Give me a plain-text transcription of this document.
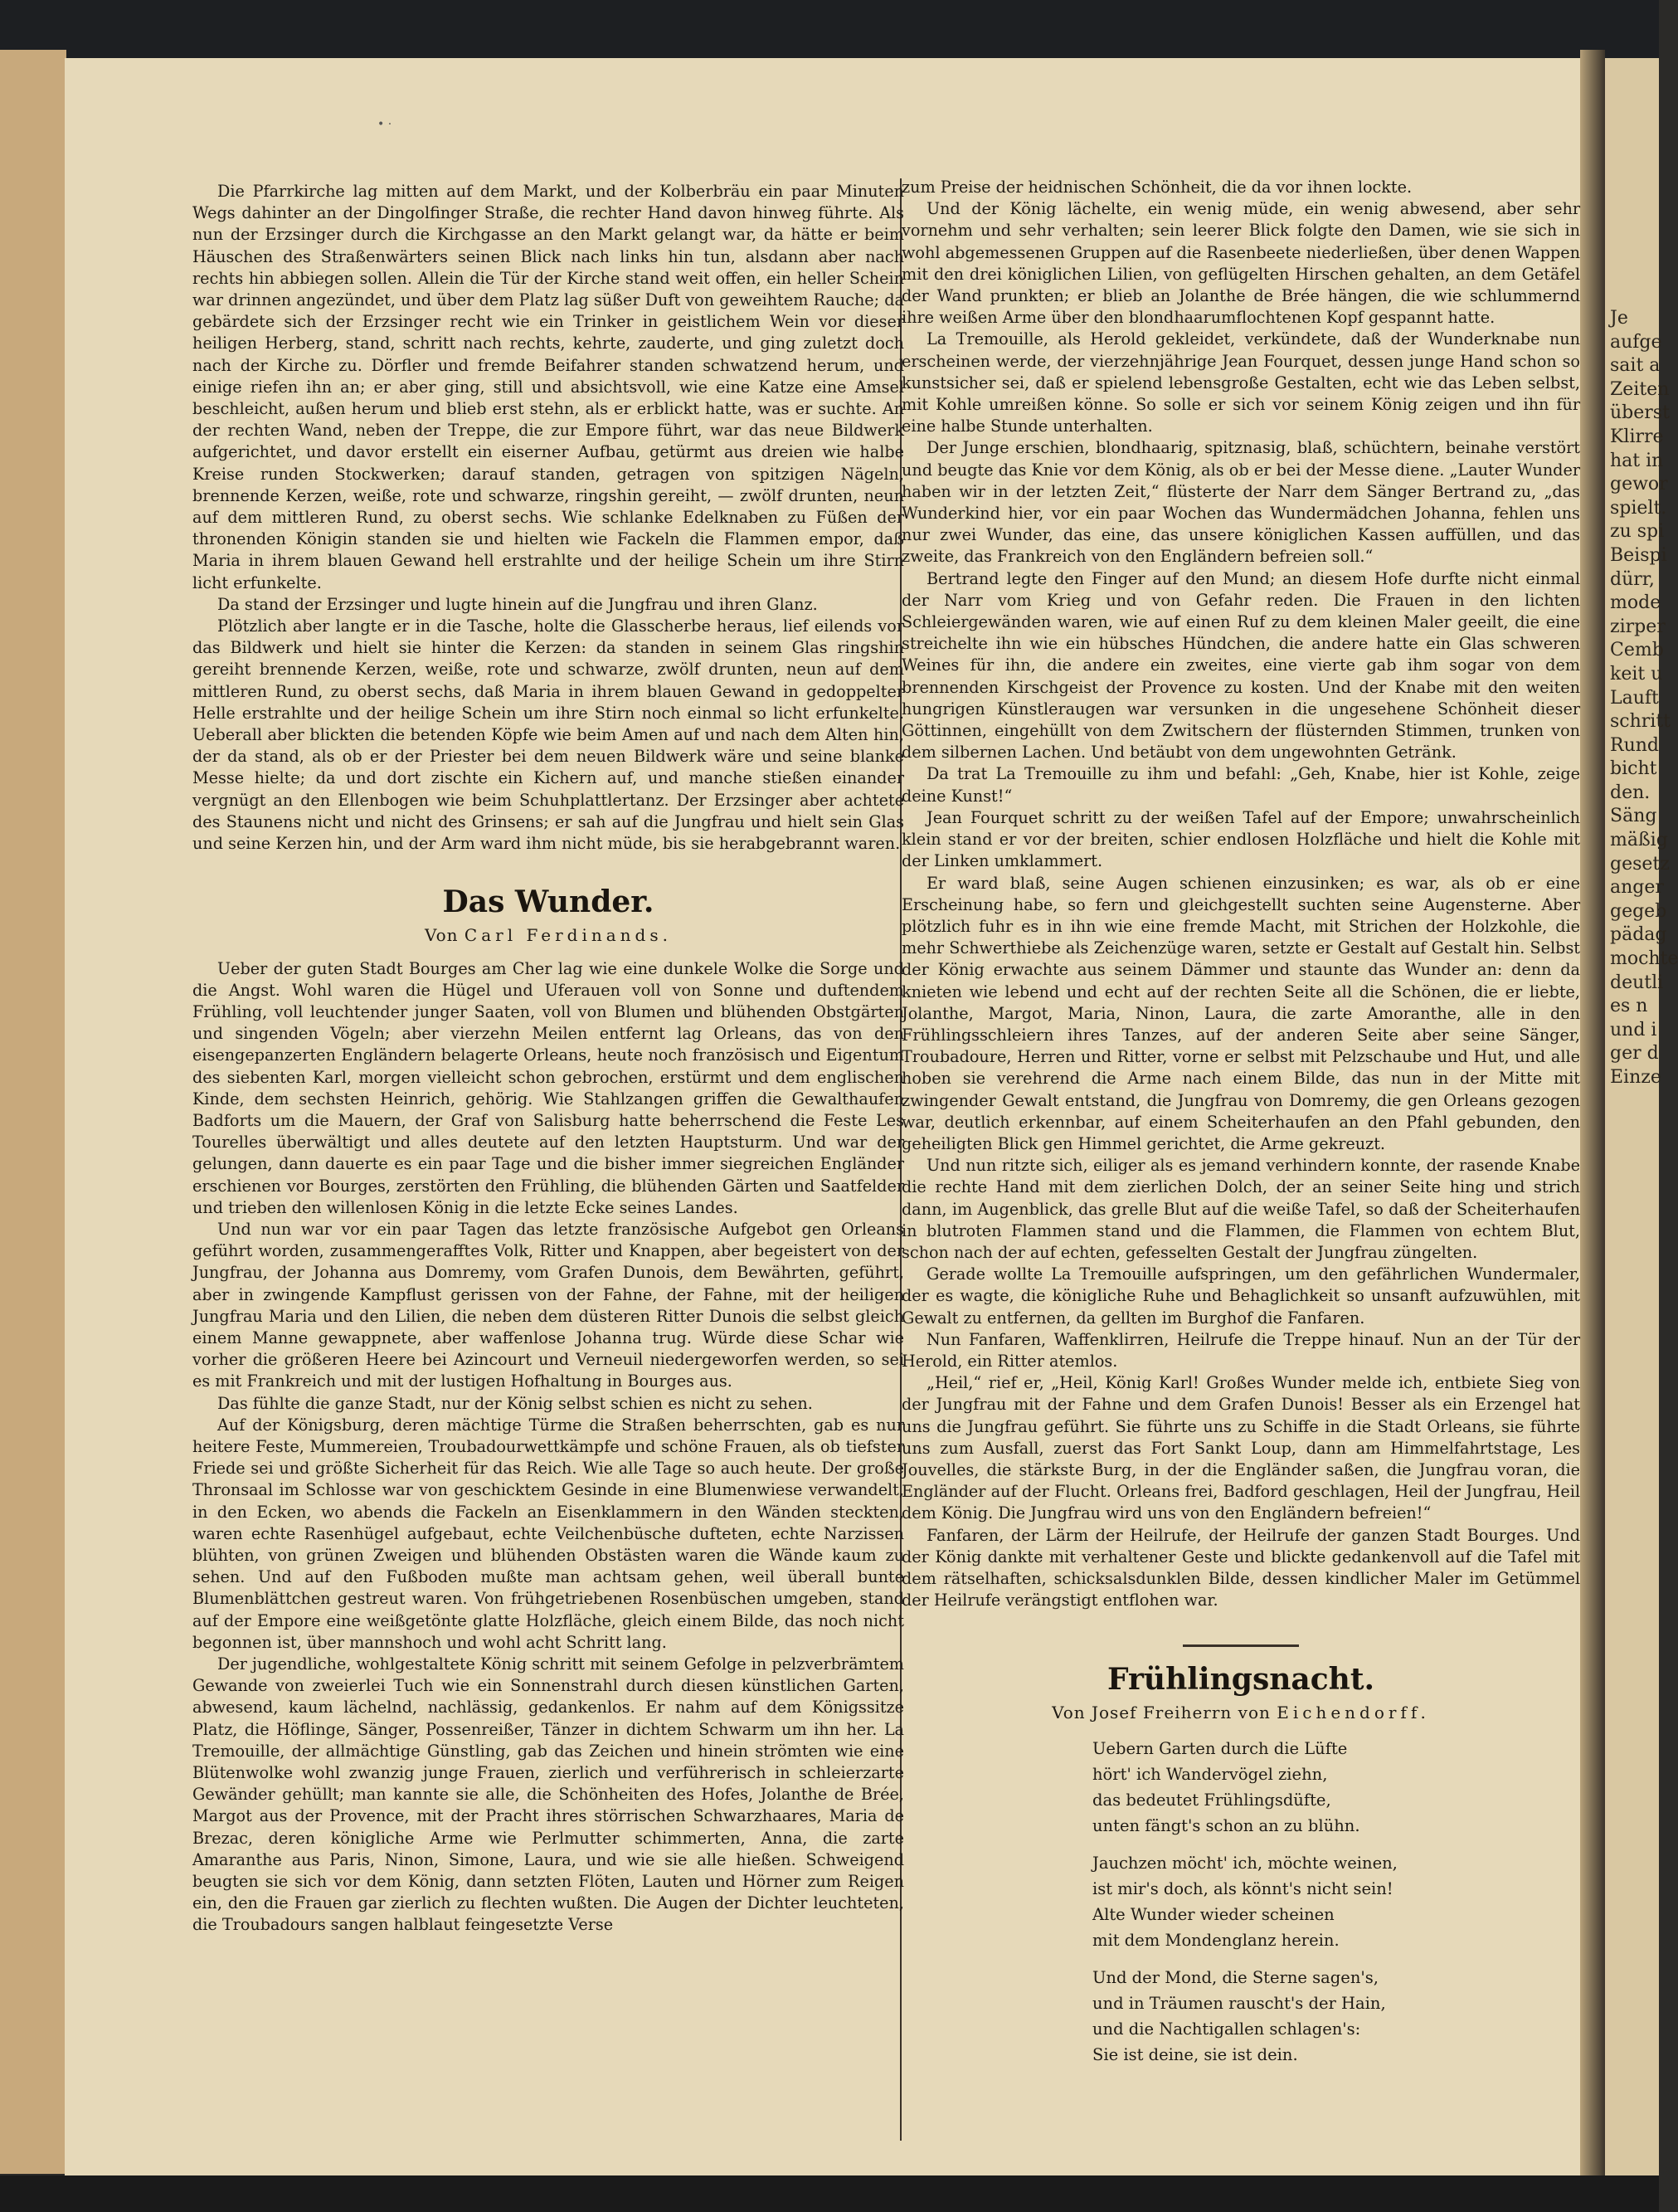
• ·
Je
aufge
sait a
Zeiten
überst
Klirre
hat in
gewor
spielt.
zu spi
Beispi
dürr,
mode
zirper
Cemb
keit u
Lauft
schritt
Rund
bicht
den.
Säng
mäßig
gesetz
anger
gegeb
pädag
mochte
deutli
es n
und i
ger d
Einze

Die Pfarrkirche lag mitten auf dem Markt, und der Kolberbräu ein paar Minuten Wegs dahinter an der Dingolfinger Straße, die rechter Hand davon hinweg führte. Als nun der Erzsinger durch die Kirchgasse an den Markt gelangt war, da hätte er beim Häuschen des Straßenwärters seinen Blick nach links hin tun, alsdann aber nach rechts hin abbiegen sollen. Allein die Tür der Kirche stand weit offen, ein heller Schein war drinnen angezündet, und über dem Platz lag süßer Duft von geweihtem Rauche; da gebärdete sich der Erzsinger recht wie ein Trinker in geistlichem Wein vor dieser heiligen Herberg, stand, schritt nach rechts, kehrte, zauderte, und ging zuletzt doch nach der Kirche zu. Dörfler und fremde Beifahrer standen schwatzend herum, und einige riefen ihn an; er aber ging, still und absichtsvoll, wie eine Katze eine Amsel beschleicht, außen herum und blieb erst stehn, als er erblickt hatte, was er suchte. An der rechten Wand, neben der Treppe, die zur Empore führt, war das neue Bildwerk aufgerichtet, und davor erstellt ein eiserner Aufbau, getürmt aus dreien wie halbe Kreise runden Stockwerken; darauf standen, getragen von spitzigen Nägeln, brennende Kerzen, weiße, rote und schwarze, ringshin gereiht, — zwölf drunten, neun auf dem mittleren Rund, zu oberst sechs. Wie schlanke Edelknaben zu Füßen der thronenden Königin standen sie und hielten wie Fackeln die Flammen empor, daß Maria in ihrem blauen Gewand hell erstrahlte und der heilige Schein um ihre Stirn licht erfunkelte.

Da stand der Erzsinger und lugte hinein auf die Jungfrau und ihren Glanz.

Plötzlich aber langte er in die Tasche, holte die Glasscherbe heraus, lief eilends vor das Bildwerk und hielt sie hinter die Kerzen: da standen in seinem Glas ringshin gereiht brennende Kerzen, weiße, rote und schwarze, zwölf drunten, neun auf dem mittleren Rund, zu oberst sechs, daß Maria in ihrem blauen Gewand in gedoppelter Helle erstrahlte und der heilige Schein um ihre Stirn noch einmal so licht erfunkelte. Ueberall aber blickten die betenden Köpfe wie beim Amen auf und nach dem Alten hin, der da stand, als ob er der Priester bei dem neuen Bildwerk wäre und seine blanke Messe hielte; da und dort zischte ein Kichern auf, und manche stießen einander vergnügt an den Ellenbogen wie beim Schuhplattlertanz. Der Erzsinger aber achtete des Staunens nicht und nicht des Grinsens; er sah auf die Jungfrau und hielt sein Glas und seine Kerzen hin, und der Arm ward ihm nicht müde, bis sie herabgebrannt waren.

Das Wunder.
Von Carl Ferdinands.

Ueber der guten Stadt Bourges am Cher lag wie eine dunkele Wolke die Sorge und die Angst. Wohl waren die Hügel und Uferauen voll von Sonne und duftendem Frühling, voll leuchtender junger Saaten, voll von Blumen und blühenden Obstgärten und singenden Vögeln; aber vierzehn Meilen entfernt lag Orleans, das von den eisengepanzerten Engländern belagerte Orleans, heute noch französisch und Eigentum des siebenten Karl, morgen vielleicht schon gebrochen, erstürmt und dem englischen Kinde, dem sechsten Heinrich, gehörig. Wie Stahlzangen griffen die Gewalthaufen Badforts um die Mauern, der Graf von Salisburg hatte beherrschend die Feste Les Tourelles überwältigt und alles deutete auf den letzten Hauptsturm. Und war der gelungen, dann dauerte es ein paar Tage und die bisher immer siegreichen Engländer erschienen vor Bourges, zerstörten den Frühling, die blühenden Gärten und Saatfelder und trieben den willenlosen König in die letzte Ecke seines Landes.

Und nun war vor ein paar Tagen das letzte französische Aufgebot gen Orleans geführt worden, zusammengerafftes Volk, Ritter und Knappen, aber begeistert von der Jungfrau, der Johanna aus Domremy, vom Grafen Dunois, dem Bewährten, geführt, aber in zwingende Kampflust gerissen von der Fahne, der Fahne, mit der heiligen Jungfrau Maria und den Lilien, die neben dem düsteren Ritter Dunois die selbst gleich einem Manne gewappnete, aber waffenlose Johanna trug. Würde diese Schar wie vorher die größeren Heere bei Azincourt und Verneuil niedergeworfen werden, so sei es mit Frankreich und mit der lustigen Hofhaltung in Bourges aus.

Das fühlte die ganze Stadt, nur der König selbst schien es nicht zu sehen.

Auf der Königsburg, deren mächtige Türme die Straßen beherrschten, gab es nur heitere Feste, Mummereien, Troubadourwettkämpfe und schöne Frauen, als ob tiefster Friede sei und größte Sicherheit für das Reich. Wie alle Tage so auch heute. Der große Thronsaal im Schlosse war von geschicktem Gesinde in eine Blumenwiese verwandelt, in den Ecken, wo abends die Fackeln an Eisenklammern in den Wänden steckten, waren echte Rasenhügel aufgebaut, echte Veilchenbüsche dufteten, echte Narzissen blühten, von grünen Zweigen und blühenden Obstästen waren die Wände kaum zu sehen. Und auf den Fußboden mußte man achtsam gehen, weil überall bunte Blumenblättchen gestreut waren. Von frühgetriebenen Rosenbüschen umgeben, stand auf der Empore eine weißgetönte glatte Holzfläche, gleich einem Bilde, das noch nicht begonnen ist, über mannshoch und wohl acht Schritt lang.

Der jugendliche, wohlgestaltete König schritt mit seinem Gefolge in pelzverbrämtem Gewande von zweierlei Tuch wie ein Sonnenstrahl durch diesen künstlichen Garten, abwesend, kaum lächelnd, nachlässig, gedankenlos. Er nahm auf dem Königssitze Platz, die Höflinge, Sänger, Possenreißer, Tänzer in dichtem Schwarm um ihn her. La Tremouille, der allmächtige Günstling, gab das Zeichen und hinein strömten wie eine Blütenwolke wohl zwanzig junge Frauen, zierlich und verführerisch in schleierzarte Gewänder gehüllt; man kannte sie alle, die Schönheiten des Hofes, Jolanthe de Brée, Margot aus der Provence, mit der Pracht ihres störrischen Schwarzhaares, Maria de Brezac, deren königliche Arme wie Perlmutter schimmerten, Anna, die zarte Amaranthe aus Paris, Ninon, Simone, Laura, und wie sie alle hießen. Schweigend beugten sie sich vor dem König, dann setzten Flöten, Lauten und Hörner zum Reigen ein, den die Frauen gar zierlich zu flechten wußten. Die Augen der Dichter leuchteten, die Troubadours sangen halblaut feingesetzte Verse

zum Preise der heidnischen Schönheit, die da vor ihnen lockte.

Und der König lächelte, ein wenig müde, ein wenig abwesend, aber sehr vornehm und sehr verhalten; sein leerer Blick folgte den Damen, wie sie sich in wohl abgemessenen Gruppen auf die Rasenbeete niederließen, über denen Wappen mit den drei königlichen Lilien, von geflügelten Hirschen gehalten, an dem Getäfel der Wand prunkten; er blieb an Jolanthe de Brée hängen, die wie schlummernd ihre weißen Arme über den blondhaarumflochtenen Kopf gespannt hatte.

La Tremouille, als Herold gekleidet, verkündete, daß der Wunderknabe nun erscheinen werde, der vierzehnjährige Jean Fourquet, dessen junge Hand schon so kunstsicher sei, daß er spielend lebensgroße Gestalten, echt wie das Leben selbst, mit Kohle umreißen könne. So solle er sich vor seinem König zeigen und ihn für eine halbe Stunde unterhalten.

Der Junge erschien, blondhaarig, spitznasig, blaß, schüchtern, beinahe verstört und beugte das Knie vor dem König, als ob er bei der Messe diene. „Lauter Wunder haben wir in der letzten Zeit,“ flüsterte der Narr dem Sänger Bertrand zu, „das Wunderkind hier, vor ein paar Wochen das Wundermädchen Johanna, fehlen uns nur zwei Wunder, das eine, das unsere königlichen Kassen auffüllen, und das zweite, das Frankreich von den Engländern befreien soll.“

Bertrand legte den Finger auf den Mund; an diesem Hofe durfte nicht einmal der Narr vom Krieg und von Gefahr reden. Die Frauen in den lichten Schleiergewänden waren, wie auf einen Ruf zu dem kleinen Maler geeilt, die eine streichelte ihn wie ein hübsches Hündchen, die andere hatte ein Glas schweren Weines für ihn, die andere ein zweites, eine vierte gab ihm sogar von dem brennenden Kirschgeist der Provence zu kosten. Und der Knabe mit den weiten hungrigen Künstleraugen war versunken in die ungesehene Schönheit dieser Göttinnen, eingehüllt von dem Zwitschern der flüsternden Stimmen, trunken von dem silbernen Lachen. Und betäubt von dem ungewohnten Getränk.

Da trat La Tremouille zu ihm und befahl: „Geh, Knabe, hier ist Kohle, zeige deine Kunst!“

Jean Fourquet schritt zu der weißen Tafel auf der Empore; unwahrscheinlich klein stand er vor der breiten, schier endlosen Holzfläche und hielt die Kohle mit der Linken umklammert.

Er ward blaß, seine Augen schienen einzusinken; es war, als ob er eine Erscheinung habe, so fern und gleichgestellt suchten seine Augensterne. Aber plötzlich fuhr es in ihn wie eine fremde Macht, mit Strichen der Holzkohle, die mehr Schwerthiebe als Zeichenzüge waren, setzte er Gestalt auf Gestalt hin. Selbst der König erwachte aus seinem Dämmer und staunte das Wunder an: denn da knieten wie lebend und echt auf der rechten Seite all die Schönen, die er liebte, Jolanthe, Margot, Maria, Ninon, Laura, die zarte Amoranthe, alle in den Frühlingsschleiern ihres Tanzes, auf der anderen Seite aber seine Sänger, Troubadoure, Herren und Ritter, vorne er selbst mit Pelzschaube und Hut, und alle hoben sie verehrend die Arme nach einem Bilde, das nun in der Mitte mit zwingender Gewalt entstand, die Jungfrau von Domremy, die gen Orleans gezogen war, deutlich erkennbar, auf einem Scheiterhaufen an den Pfahl gebunden, den geheiligten Blick gen Himmel gerichtet, die Arme gekreuzt.

Und nun ritzte sich, eiliger als es jemand verhindern konnte, der rasende Knabe die rechte Hand mit dem zierlichen Dolch, der an seiner Seite hing und strich dann, im Augenblick, das grelle Blut auf die weiße Tafel, so daß der Scheiterhaufen in blutroten Flammen stand und die Flammen, die Flammen von echtem Blut, schon nach der auf echten, gefesselten Gestalt der Jungfrau züngelten.

Gerade wollte La Tremouille aufspringen, um den gefährlichen Wundermaler, der es wagte, die königliche Ruhe und Behaglichkeit so unsanft aufzuwühlen, mit Gewalt zu entfernen, da gellten im Burghof die Fanfaren.

Nun Fanfaren, Waffenklirren, Heilrufe die Treppe hinauf. Nun an der Tür der Herold, ein Ritter atemlos.

„Heil,“ rief er, „Heil, König Karl! Großes Wunder melde ich, entbiete Sieg von der Jungfrau mit der Fahne und dem Grafen Dunois! Besser als ein Erzengel hat uns die Jungfrau geführt. Sie führte uns zu Schiffe in die Stadt Orleans, sie führte uns zum Ausfall, zuerst das Fort Sankt Loup, dann am Himmelfahrtstage, Les Jouvelles, die stärkste Burg, in der die Engländer saßen, die Jungfrau voran, die Engländer auf der Flucht. Orleans frei, Badford geschlagen, Heil der Jungfrau, Heil dem König. Die Jungfrau wird uns von den Engländern befreien!“

Fanfaren, der Lärm der Heilrufe, der Heilrufe der ganzen Stadt Bourges. Und der König dankte mit verhaltener Geste und blickte gedankenvoll auf die Tafel mit dem rätselhaften, schicksalsdunklen Bilde, dessen kindlicher Maler im Getümmel der Heilrufe verängstigt entflohen war.

Frühlingsnacht.
Von Josef Freiherrn von Eichendorff.
Uebern Garten durch die Lüfte
hört' ich Wandervögel ziehn,
das bedeutet Frühlingsdüfte,
unten fängt's schon an zu blühn.
Jauchzen möcht' ich, möchte weinen,
ist mir's doch, als könnt's nicht sein!
Alte Wunder wieder scheinen
mit dem Mondenglanz herein.
Und der Mond, die Sterne sagen's,
und in Träumen rauscht's der Hain,
und die Nachtigallen schlagen's:
Sie ist deine, sie ist dein.
